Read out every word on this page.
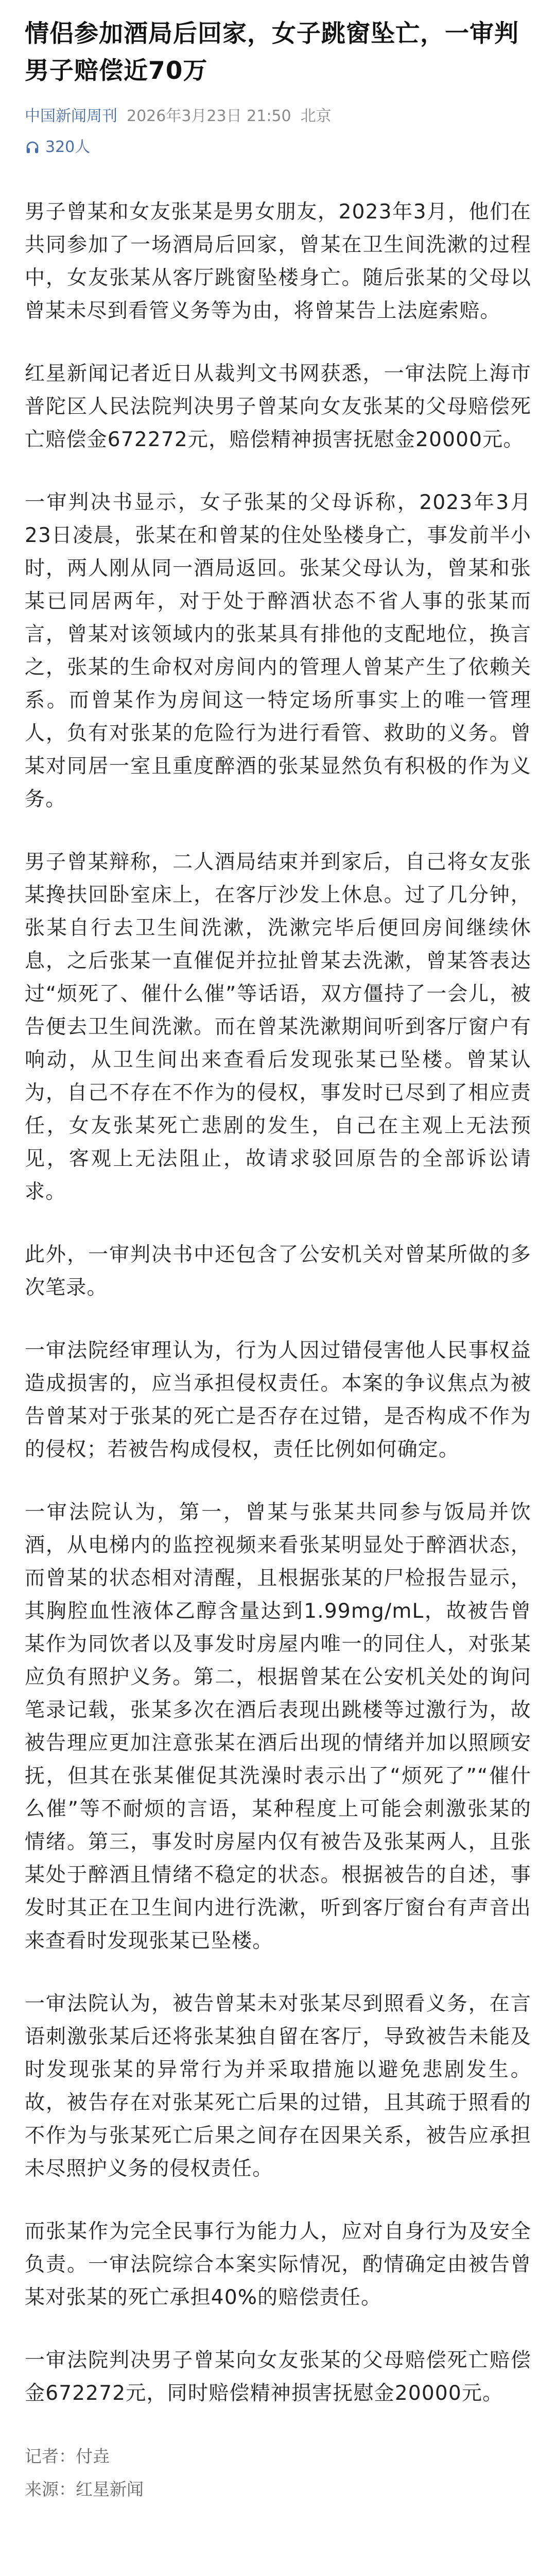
情侣参加酒局后回家，女子跳窗坠亡，一审判男子赔偿近70万
中国新闻周刊 2026年3月23日 21:50 北京
320人

男子曾某和女友张某是男女朋友，2023年3月，他们在共同参加了一场酒局后回家，曾某在卫生间洗漱的过程中，女友张某从客厅跳窗坠楼身亡。随后张某的父母以曾某未尽到看管义务等为由，将曾某告上法庭索赔。

红星新闻记者近日从裁判文书网获悉，一审法院上海市普陀区人民法院判决男子曾某向女友张某的父母赔偿死亡赔偿金672272元，赔偿精神损害抚慰金20000元。

一审判决书显示，女子张某的父母诉称，2023年3月23日凌晨，张某在和曾某的住处坠楼身亡，事发前半小时，两人刚从同一酒局返回。张某父母认为，曾某和张某已同居两年，对于处于醉酒状态不省人事的张某而言，曾某对该领域内的张某具有排他的支配地位，换言之，张某的生命权对房间内的管理人曾某产生了依赖关系。而曾某作为房间这一特定场所事实上的唯一管理人，负有对张某的危险行为进行看管、救助的义务。曾某对同居一室且重度醉酒的张某显然负有积极的作为义务。

男子曾某辩称，二人酒局结束并到家后，自己将女友张某搀扶回卧室床上，在客厅沙发上休息。过了几分钟，张某自行去卫生间洗漱，洗漱完毕后便回房间继续休息，之后张某一直催促并拉扯曾某去洗漱，曾某答表达过“烦死了、催什么催”等话语，双方僵持了一会儿，被告便去卫生间洗漱。而在曾某洗漱期间听到客厅窗户有响动，从卫生间出来查看后发现张某已坠楼。曾某认为，自己不存在不作为的侵权，事发时已尽到了相应责任，女友张某死亡悲剧的发生，自己在主观上无法预见，客观上无法阻止，故请求驳回原告的全部诉讼请求。

此外，一审判决书中还包含了公安机关对曾某所做的多次笔录。

一审法院经审理认为，行为人因过错侵害他人民事权益造成损害的，应当承担侵权责任。本案的争议焦点为被告曾某对于张某的死亡是否存在过错，是否构成不作为的侵权；若被告构成侵权，责任比例如何确定。

一审法院认为，第一，曾某与张某共同参与饭局并饮酒，从电梯内的监控视频来看张某明显处于醉酒状态，而曾某的状态相对清醒，且根据张某的尸检报告显示，其胸腔血性液体乙醇含量达到1.99mg/mL，故被告曾某作为同饮者以及事发时房屋内唯一的同住人，对张某应负有照护义务。第二，根据曾某在公安机关处的询问笔录记载，张某多次在酒后表现出跳楼等过激行为，故被告理应更加注意张某在酒后出现的情绪并加以照顾安抚，但其在张某催促其洗澡时表示出了“烦死了”“催什么催”等不耐烦的言语，某种程度上可能会刺激张某的情绪。第三，事发时房屋内仅有被告及张某两人，且张某处于醉酒且情绪不稳定的状态。根据被告的自述，事发时其正在卫生间内进行洗漱，听到客厅窗台有声音出来查看时发现张某已坠楼。

一审法院认为，被告曾某未对张某尽到照看义务，在言语刺激张某后还将张某独自留在客厅，导致被告未能及时发现张某的异常行为并采取措施以避免悲剧发生。故，被告存在对张某死亡后果的过错，且其疏于照看的不作为与张某死亡后果之间存在因果关系，被告应承担未尽照护义务的侵权责任。

而张某作为完全民事行为能力人，应对自身行为及安全负责。一审法院综合本案实际情况，酌情确定由被告曾某对张某的死亡承担40%的赔偿责任。

一审法院判决男子曾某向女友张某的父母赔偿死亡赔偿金672272元，同时赔偿精神损害抚慰金20000元。

记者：付垚
来源：红星新闻
